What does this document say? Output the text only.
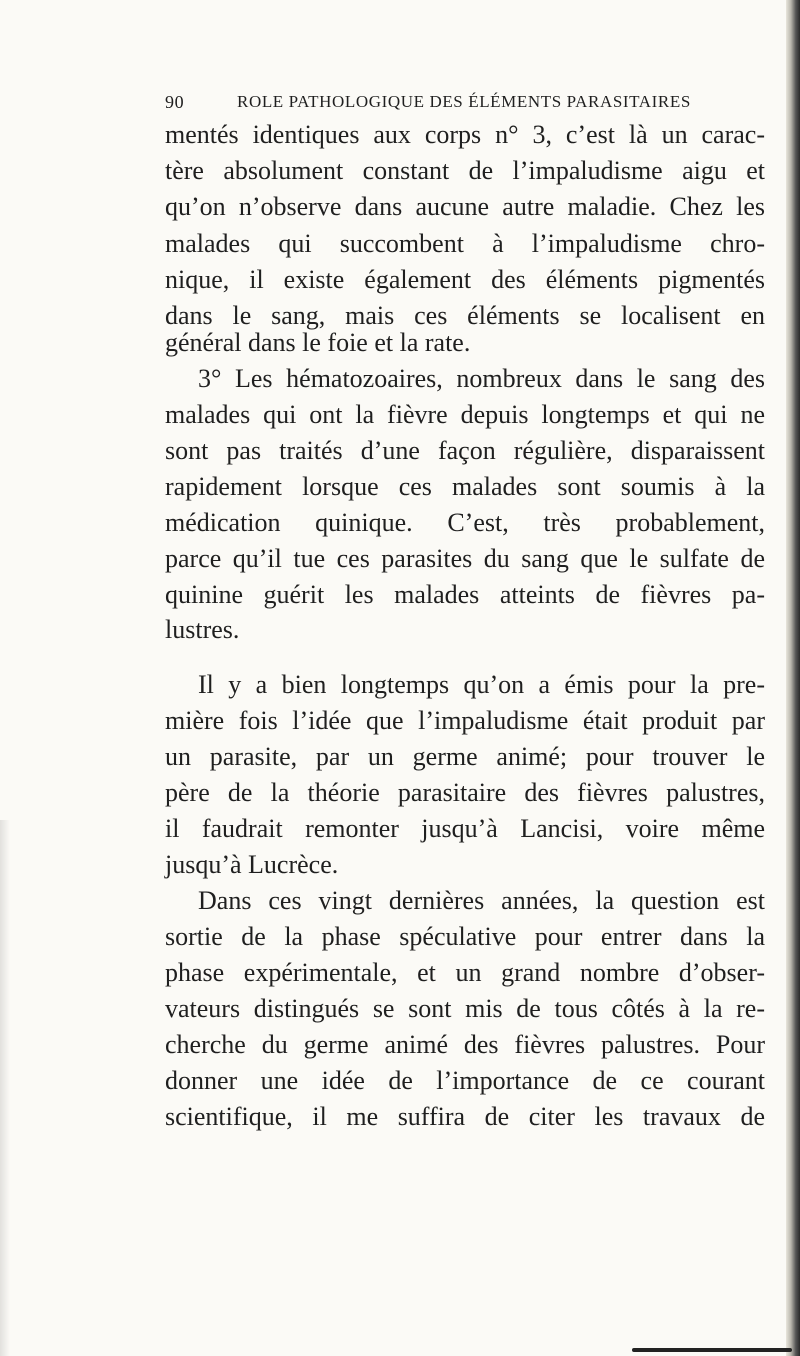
90	ROLE PATHOLOGIQUE DES ÉLÉMENTS PARASITAIRES
mentés identiques aux corps n° 3, c’est là un carac-
tère absolument constant de l’impaludisme aigu et
qu’on n’observe dans aucune autre maladie. Chez les
malades qui succombent à l’impaludisme chro-
nique, il existe également des éléments pigmentés
dans le sang, mais ces éléments se localisent en
général dans le foie et la rate.
3° Les hématozoaires, nombreux dans le sang des
malades qui ont la fièvre depuis longtemps et qui ne
sont pas traités d’une façon régulière, disparaissent
rapidement lorsque ces malades sont soumis à la
médication quinique. C’est, très probablement,
parce qu’il tue ces parasites du sang que le sulfate de
quinine guérit les malades atteints de fièvres pa-
lustres.
Il y a bien longtemps qu’on a émis pour la pre-
mière fois l’idée que l’impaludisme était produit par
un parasite, par un germe animé; pour trouver le
père de la théorie parasitaire des fièvres palustres,
il faudrait remonter jusqu’à Lancisi, voire même
jusqu’à Lucrèce.
Dans ces vingt dernières années, la question est
sortie de la phase spéculative pour entrer dans la
phase expérimentale, et un grand nombre d’obser-
vateurs distingués se sont mis de tous côtés à la re-
cherche du germe animé des fièvres palustres. Pour
donner une idée de l’importance de ce courant
scientifique, il me suffira de citer les travaux de
